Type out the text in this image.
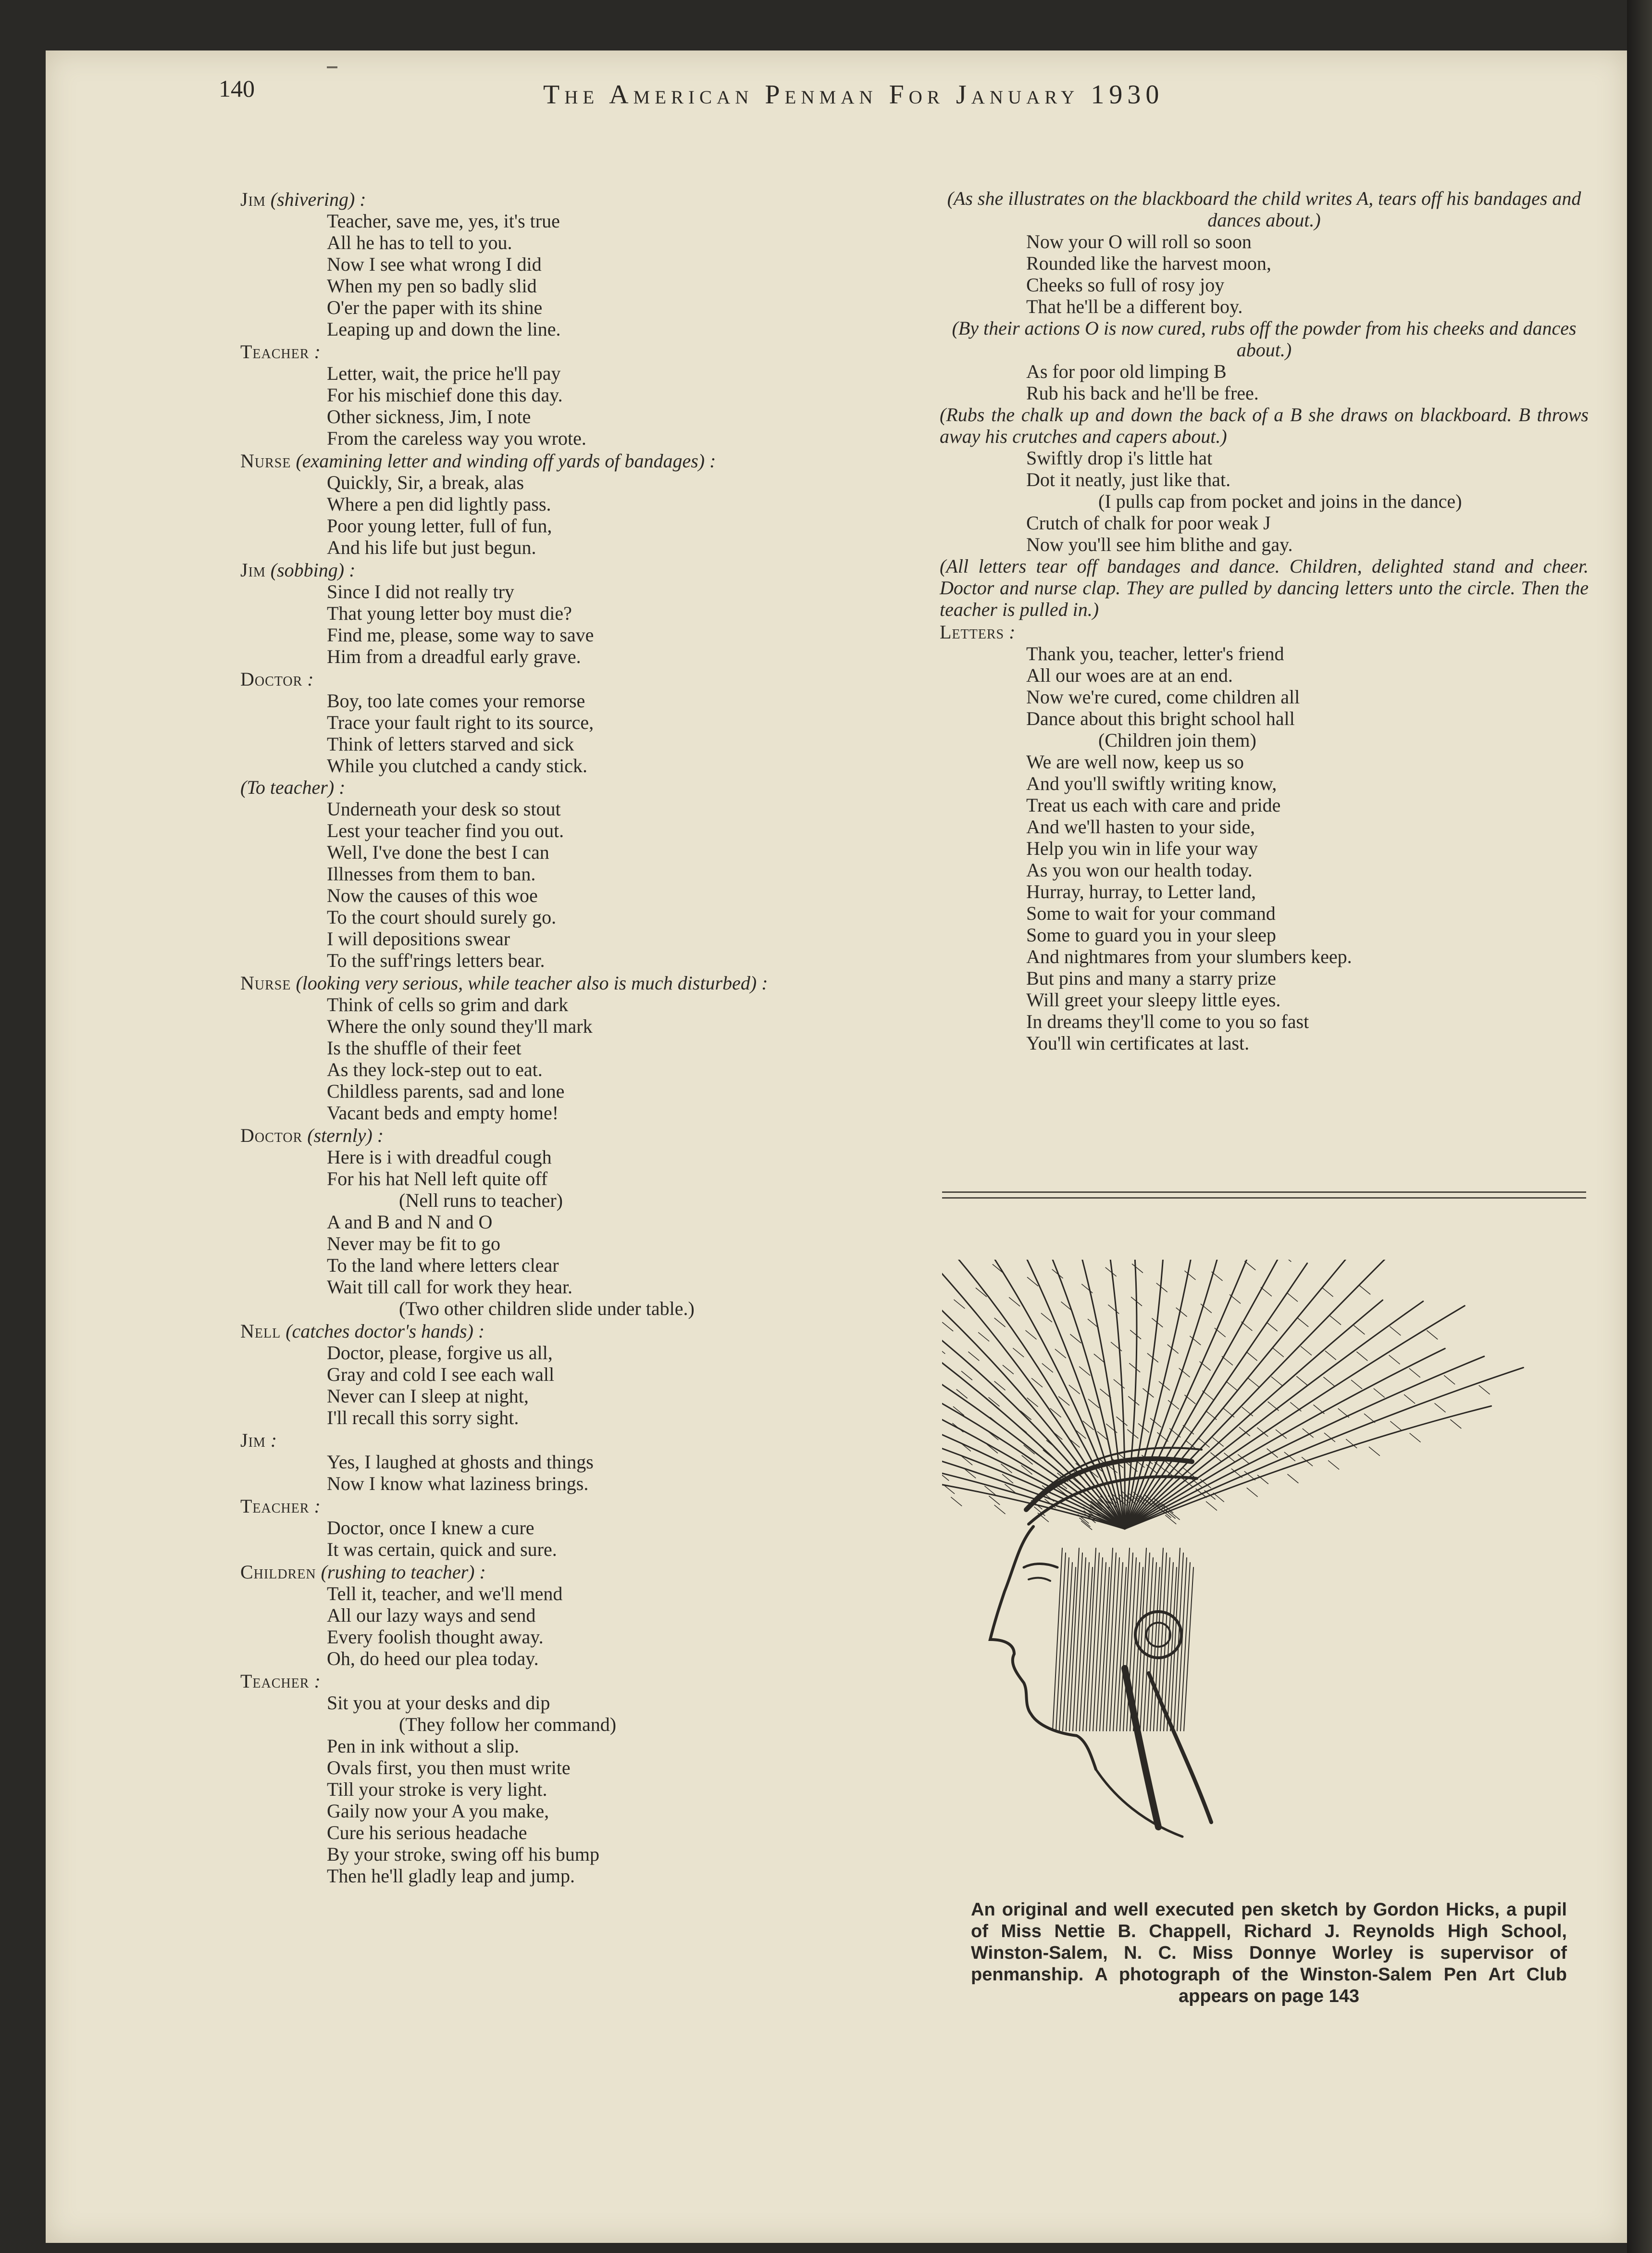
140	The American Penman For January 1930
Jim (shivering) :
Teacher, save me, yes, it's true
All he has to tell to you.
Now I see what wrong I did
When my pen so badly slid
O'er the paper with its shine
Leaping up and down the line.
Teacher :
Letter, wait, the price he'll pay
For his mischief done this day.
Other sickness, Jim, I note
From the careless way you wrote.
Nurse (examining letter and winding off yards of bandages) :
Quickly, Sir, a break, alas
Where a pen did lightly pass.
Poor young letter, full of fun,
And his life but just begun.
Jim (sobbing) :
Since I did not really try
That young letter boy must die?
Find me, please, some way to save
Him from a dreadful early grave.
Doctor :
Boy, too late comes your remorse
Trace your fault right to its source,
Think of letters starved and sick
While you clutched a candy stick.
(To teacher) :
Underneath your desk so stout
Lest your teacher find you out.
Well, I've done the best I can
Illnesses from them to ban.
Now the causes of this woe
To the court should surely go.
I will depositions swear
To the suff'rings letters bear.
Nurse (looking very serious, while teacher also is much disturbed) :
Think of cells so grim and dark
Where the only sound they'll mark
Is the shuffle of their feet
As they lock-step out to eat.
Childless parents, sad and lone
Vacant beds and empty home!
Doctor (sternly) :
Here is i with dreadful cough
For his hat Nell left quite off
(Nell runs to teacher)
A and B and N and O
Never may be fit to go
To the land where letters clear
Wait till call for work they hear.
(Two other children slide under table.)
Nell (catches doctor's hands) :
Doctor, please, forgive us all,
Gray and cold I see each wall
Never can I sleep at night,
I'll recall this sorry sight.
Jim :
Yes, I laughed at ghosts and things
Now I know what laziness brings.
Teacher :
Doctor, once I knew a cure
It was certain, quick and sure.
Children (rushing to teacher) :
Tell it, teacher, and we'll mend
All our lazy ways and send
Every foolish thought away.
Oh, do heed our plea today.
Teacher :
Sit you at your desks and dip
(They follow her command)
Pen in ink without a slip.
Ovals first, you then must write
Till your stroke is very light.
Gaily now your A you make,
Cure his serious headache
By your stroke, swing off his bump
Then he'll gladly leap and jump.
(As she illustrates on the blackboard the child writes A, tears off his bandages and dances about.)
Now your O will roll so soon
Rounded like the harvest moon,
Cheeks so full of rosy joy
That he'll be a different boy.
(By their actions O is now cured, rubs off the powder from his cheeks and dances about.)
As for poor old limping B
Rub his back and he'll be free.
(Rubs the chalk up and down the back of a B she draws on blackboard. B throws away his crutches and capers about.)
Swiftly drop i's little hat
Dot it neatly, just like that.
(I pulls cap from pocket and joins in the dance)
Crutch of chalk for poor weak J
Now you'll see him blithe and gay.
(All letters tear off bandages and dance. Children, delighted stand and cheer. Doctor and nurse clap. They are pulled by dancing letters unto the circle. Then the teacher is pulled in.)
Letters :
Thank you, teacher, letter's friend
All our woes are at an end.
Now we're cured, come children all
Dance about this bright school hall
(Children join them)
We are well now, keep us so
And you'll swiftly writing know,
Treat us each with care and pride
And we'll hasten to your side,
Help you win in life your way
As you won our health today.
Hurray, hurray, to Letter land,
Some to wait for your command
Some to guard you in your sleep
And nightmares from your slumbers keep.
But pins and many a starry prize
Will greet your sleepy little eyes.
In dreams they'll come to you so fast
You'll win certificates at last.
An original and well executed pen sketch by Gordon Hicks, a pupil of Miss Nettie B. Chappell, Richard J. Reynolds High School, Winston-Salem, N. C. Miss Donnye Worley is supervisor of penmanship. A photograph of the Winston-Salem Pen Art Club appears on page 143
